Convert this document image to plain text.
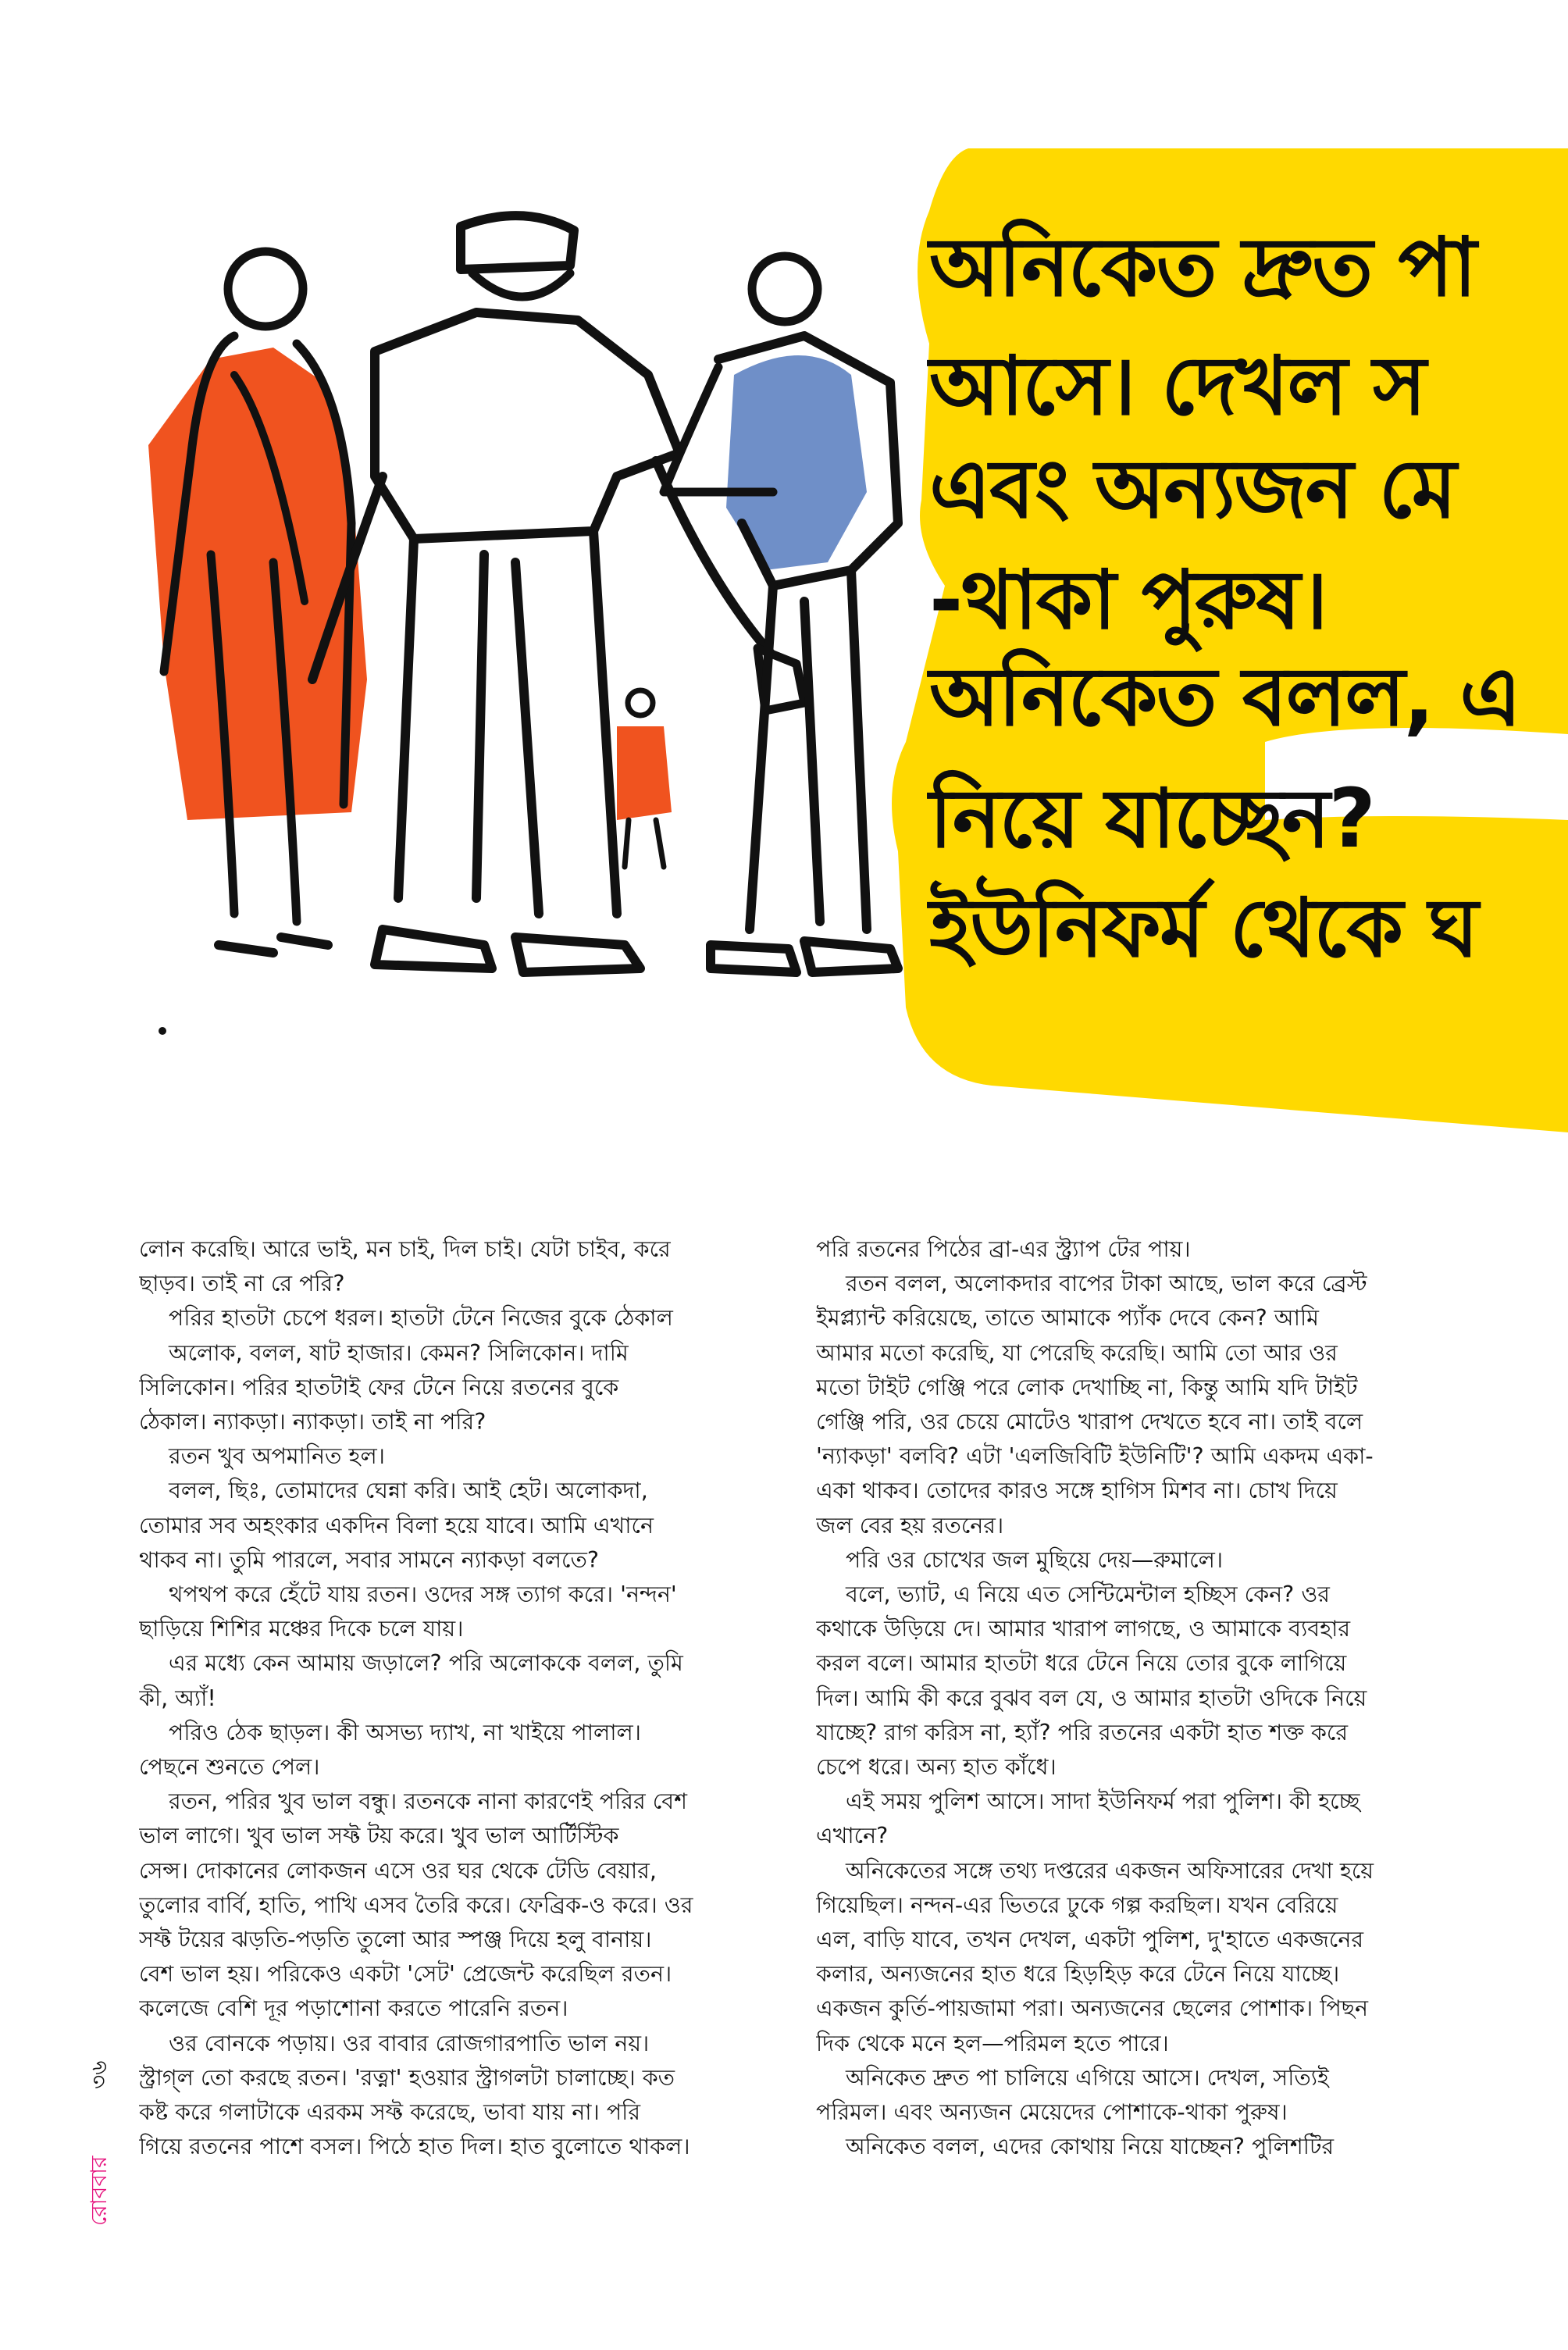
অনিকেত দ্রুত পা
আসে। দেখল স
এবং অন্যজন মে
-থাকা পুরুষ।
অনিকেত বলল, এ
নিয়ে যাচ্ছেন?
ইউনিফর্ম থেকে ঘ

লোন করেছি। আরে ভাই, মন চাই, দিল চাই। যেটা চাইব, করে

ছাড়ব। তাই না রে পরি?

পরির হাতটা চেপে ধরল। হাতটা টেনে নিজের বুকে ঠেকাল

অলোক, বলল, ষাট হাজার। কেমন? সিলিকোন। দামি

সিলিকোন। পরির হাতটাই ফের টেনে নিয়ে রতনের বুকে

ঠেকাল। ন্যাকড়া। ন্যাকড়া। তাই না পরি?

রতন খুব অপমানিত হল।

বলল, ছিঃ, তোমাদের ঘেন্না করি। আই হেট। অলোকদা,

তোমার সব অহংকার একদিন বিলা হয়ে যাবে। আমি এখানে

থাকব না। তুমি পারলে, সবার সামনে ন্যাকড়া বলতে?

থপথপ করে হেঁটে যায় রতন। ওদের সঙ্গ ত্যাগ করে। 'নন্দন'

ছাড়িয়ে শিশির মঞ্চের দিকে চলে যায়।

এর মধ্যে কেন আমায় জড়ালে? পরি অলোককে বলল, তুমি

কী, অ্যাঁ!

পরিও ঠেক ছাড়ল। কী অসভ্য দ্যাখ, না খাইয়ে পালাল।

পেছনে শুনতে পেল।

রতন, পরির খুব ভাল বন্ধু। রতনকে নানা কারণেই পরির বেশ

ভাল লাগে। খুব ভাল সফ্ট টয় করে। খুব ভাল আর্টিস্টিক

সেন্স। দোকানের লোকজন এসে ওর ঘর থেকে টেডি বেয়ার,

তুলোর বার্বি, হাতি, পাখি এসব তৈরি করে। ফেব্রিক-ও করে। ওর

সফ্ট টয়ের ঝড়তি-পড়তি তুলো আর স্পঞ্জ দিয়ে হলু বানায়।

বেশ ভাল হয়। পরিকেও একটা 'সেট' প্রেজেন্ট করেছিল রতন।

কলেজে বেশি দূর পড়াশোনা করতে পারেনি রতন।

ওর বোনকে পড়ায়। ওর বাবার রোজগারপাতি ভাল নয়।

স্ট্রাগ্‌ল তো করছে রতন। 'রত্না' হওয়ার স্ট্রাগলটা চালাচ্ছে। কত

কষ্ট করে গলাটাকে এরকম সফ্ট করেছে, ভাবা যায় না। পরি

গিয়ে রতনের পাশে বসল। পিঠে হাত দিল। হাত বুলোতে থাকল।

পরি রতনের পিঠের ব্রা-এর স্ট্র্যাপ টের পায়।

রতন বলল, অলোকদার বাপের টাকা আছে, ভাল করে ব্রেস্ট

ইমপ্ল্যান্ট করিয়েছে, তাতে আমাকে প্যাঁক দেবে কেন? আমি

আমার মতো করেছি, যা পেরেছি করেছি। আমি তো আর ওর

মতো টাইট গেঞ্জি পরে লোক দেখাচ্ছি না, কিন্তু আমি যদি টাইট

গেঞ্জি পরি, ওর চেয়ে মোটেও খারাপ দেখতে হবে না। তাই বলে

'ন্যাকড়া' বলবি? এটা 'এলজিবিটি ইউনিটি'? আমি একদম একা-

একা থাকব। তোদের কারও সঙ্গে হাগিস মিশব না। চোখ দিয়ে

জল বের হয় রতনের।

পরি ওর চোখের জল মুছিয়ে দেয়—রুমালে।

বলে, ভ্যাট, এ নিয়ে এত সেন্টিমেন্টাল হচ্ছিস কেন? ওর

কথাকে উড়িয়ে দে। আমার খারাপ লাগছে, ও আমাকে ব্যবহার

করল বলে। আমার হাতটা ধরে টেনে নিয়ে তোর বুকে লাগিয়ে

দিল। আমি কী করে বুঝব বল যে, ও আমার হাতটা ওদিকে নিয়ে

যাচ্ছে? রাগ করিস না, হ্যাঁ? পরি রতনের একটা হাত শক্ত করে

চেপে ধরে। অন্য হাত কাঁধে।

এই সময় পুলিশ আসে। সাদা ইউনিফর্ম পরা পুলিশ। কী হচ্ছে

এখানে?

অনিকেতের সঙ্গে তথ্য দপ্তরের একজন অফিসারের দেখা হয়ে

গিয়েছিল। নন্দন-এর ভিতরে ঢুকে গল্প করছিল। যখন বেরিয়ে

এল, বাড়ি যাবে, তখন দেখল, একটা পুলিশ, দু'হাতে একজনের

কলার, অন্যজনের হাত ধরে হিড়হিড় করে টেনে নিয়ে যাচ্ছে।

একজন কুর্তি-পায়জামা পরা। অন্যজনের ছেলের পোশাক। পিছন

দিক থেকে মনে হল—পরিমল হতে পারে।

অনিকেত দ্রুত পা চালিয়ে এগিয়ে আসে। দেখল, সত্যিই

পরিমল। এবং অন্যজন মেয়েদের পোশাকে-থাকা পুরুষ।

অনিকেত বলল, এদের কোথায় নিয়ে যাচ্ছেন? পুলিশটির

রোববার
৩৬
